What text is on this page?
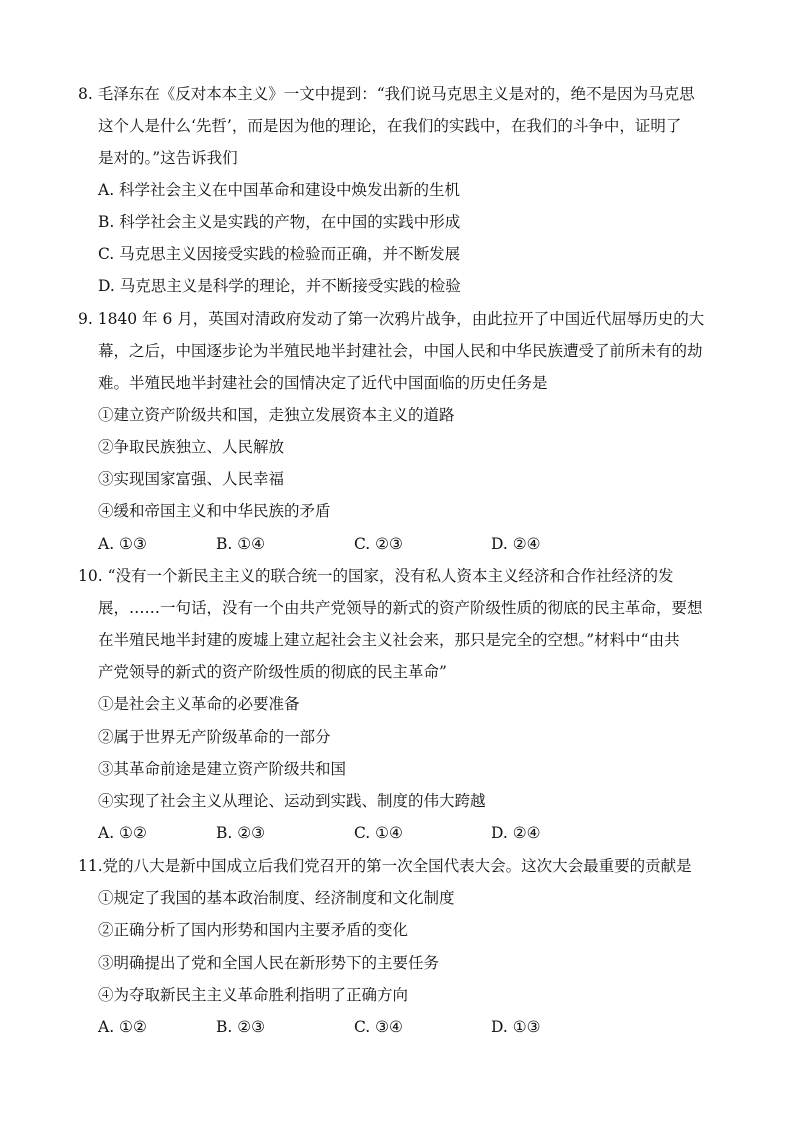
8. 毛泽东在《反对本本主义》一文中提到：“我们说马克思主义是对的，绝不是因为马克思
这个人是什么‘先哲’，而是因为他的理论，在我们的实践中，在我们的斗争中，证明了
是对的。”这告诉我们
A. 科学社会主义在中国革命和建设中焕发出新的生机
B. 科学社会主义是实践的产物，在中国的实践中形成
C. 马克思主义因接受实践的检验而正确，并不断发展
D. 马克思主义是科学的理论，并不断接受实践的检验
9. 1840 年 6 月，英国对清政府发动了第一次鸦片战争，由此拉开了中国近代屈辱历史的大
幕，之后，中国逐步论为半殖民地半封建社会，中国人民和中华民族遭受了前所未有的劫
难。半殖民地半封建社会的国情决定了近代中国面临的历史任务是
①建立资产阶级共和国，走独立发展资本主义的道路
②争取民族独立、人民解放
③实现国家富强、人民幸福
④缓和帝国主义和中华民族的矛盾
A. ①③	B. ①④	C. ②③	D. ②④
10. “没有一个新民主主义的联合统一的国家，没有私人资本主义经济和合作社经济的发
展，……一句话，没有一个由共产党领导的新式的资产阶级性质的彻底的民主革命，要想
在半殖民地半封建的废墟上建立起社会主义社会来，那只是完全的空想。”材料中“由共
产党领导的新式的资产阶级性质的彻底的民主革命”
①是社会主义革命的必要准备
②属于世界无产阶级革命的一部分
③其革命前途是建立资产阶级共和国
④实现了社会主义从理论、运动到实践、制度的伟大跨越
A. ①②	B. ②③	C. ①④	D. ②④
11.党的八大是新中国成立后我们党召开的第一次全国代表大会。这次大会最重要的贡献是
①规定了我国的基本政治制度、经济制度和文化制度
②正确分析了国内形势和国内主要矛盾的变化
③明确提出了党和全国人民在新形势下的主要任务
④为夺取新民主主义革命胜利指明了正确方向
A. ①②	B. ②③	C. ③④	D. ①③
